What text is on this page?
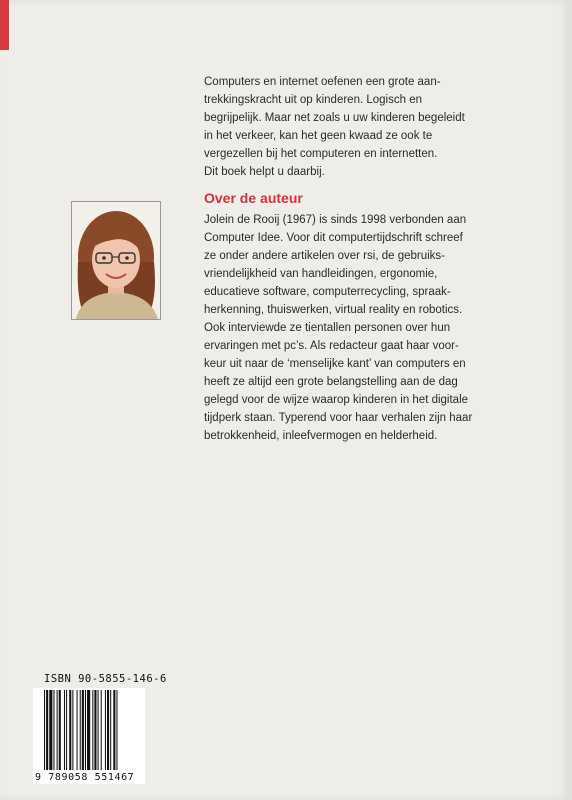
Computers en internet oefenen een grote aan-
trekkingskracht uit op kinderen. Logisch en
begrijpelijk. Maar net zoals u uw kinderen begeleidt
in het verkeer, kan het geen kwaad ze ook te
vergezellen bij het computeren en internetten.
Dit boek helpt u daarbij.
Over de auteur
Jolein de Rooij (1967) is sinds 1998 verbonden aan
Computer Idee. Voor dit computertijdschrift schreef
ze onder andere artikelen over rsi, de gebruiks-
vriendelijkheid van handleidingen, ergonomie,
educatieve software, computerrecycling, spraak-
herkenning, thuiswerken, virtual reality en robotics.
Ook interviewde ze tientallen personen over hun
ervaringen met pc’s. Als redacteur gaat haar voor-
keur uit naar de ‘menselijke kant’ van computers en
heeft ze altijd een grote belangstelling aan de dag
gelegd voor de wijze waarop kinderen in het digitale
tijdperk staan. Typerend voor haar verhalen zijn haar
betrokkenheid, inleefvermogen en helderheid.
ISBN 90-5855-146-6
9 789058 551467
